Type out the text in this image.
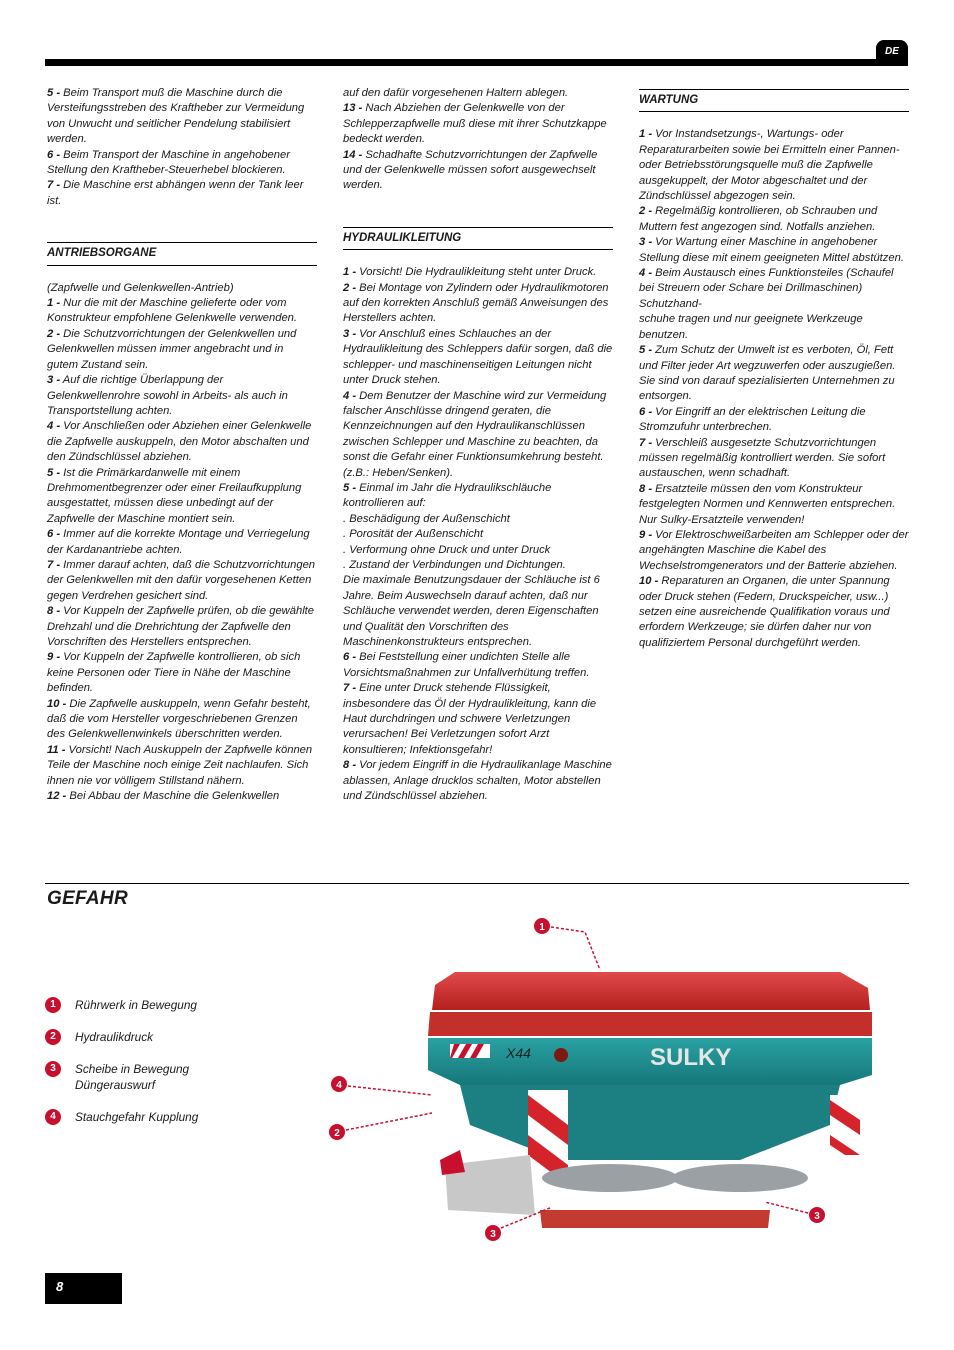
DE

5 - Beim Transport muß die Maschine durch die Versteifungsstreben des Kraftheber zur Vermeidung von Unwucht und seitlicher Pendelung stabilisiert werden.

6 - Beim Transport der Maschine in angehobener Stellung den Kraftheber-Steuerhebel blockieren.

7 - Die Maschine erst abhängen wenn der Tank leer ist.

ANTRIEBSORGANE

(Zapfwelle und Gelenkwellen-Antrieb)

1 - Nur die mit der Maschine gelieferte oder vom Konstrukteur empfohlene Gelenkwelle verwenden.

2 - Die Schutzvorrichtungen der Gelenkwellen und Gelenkwellen müssen immer angebracht und in gutem Zustand sein.

3 - Auf die richtige Überlappung der Gelenkwellenrohre sowohl in Arbeits- als auch in Transportstellung achten.

4 - Vor Anschließen oder Abziehen einer Gelenkwelle die Zapfwelle auskuppeln, den Motor abschalten und den Zündschlüssel abziehen.

5 - Ist die Primärkardanwelle mit einem Drehmomentbegrenzer oder einer Freilaufkupplung ausgestattet, müssen diese unbedingt auf der Zapfwelle der Maschine montiert sein.

6 - Immer auf die korrekte Montage und Verriegelung der Kardanantriebe achten.

7 - Immer darauf achten, daß die Schutzvorrichtungen der Gelenkwellen mit den dafür vorgesehenen Ketten gegen Verdrehen gesichert sind.

8 - Vor Kuppeln der Zapfwelle prüfen, ob die gewählte Drehzahl und die Drehrichtung der Zapfwelle den Vorschriften des Herstellers entsprechen.

9 - Vor Kuppeln der Zapfwelle kontrollieren, ob sich keine Personen oder Tiere in Nähe der Maschine befinden.

10 - Die Zapfwelle auskuppeln, wenn Gefahr besteht, daß die vom Hersteller vorgeschriebenen Grenzen des Gelenkwellenwinkels überschritten werden.

11 - Vorsicht! Nach Auskuppeln der Zapfwelle können Teile der Maschine noch einige Zeit nachlaufen. Sich ihnen nie vor völligem Stillstand nähern.

12 - Bei Abbau der Maschine die Gelenkwellen

auf den dafür vorgesehenen Haltern ablegen.

13 - Nach Abziehen der Gelenkwelle von der Schlepperzapfwelle muß diese mit ihrer Schutzkappe bedeckt werden.

14 - Schadhafte Schutzvorrichtungen der Zapfwelle und der Gelenkwelle müssen sofort ausgewechselt werden.

HYDRAULIKLEITUNG

1 - Vorsicht! Die Hydraulikleitung steht unter Druck.

2 - Bei Montage von Zylindern oder Hydraulikmotoren auf den korrekten Anschluß gemäß Anweisungen des Herstellers achten.

3 - Vor Anschluß eines Schlauches an der Hydraulikleitung des Schleppers dafür sorgen, daß die schlepper- und maschinenseitigen Leitungen nicht unter Druck stehen.

4 - Dem Benutzer der Maschine wird zur Vermeidung falscher Anschlüsse dringend geraten, die Kennzeichnungen auf den Hydraulikanschlüssen zwischen Schlepper und Maschine zu beachten, da sonst die Gefahr einer Funktionsumkehrung besteht. (z.B.: Heben/Senken).

5 - Einmal im Jahr die Hydraulikschläuche kontrollieren auf:

. Beschädigung der Außenschicht

. Porosität der Außenschicht

. Verformung ohne Druck und unter Druck

. Zustand der Verbindungen und Dichtungen.

Die maximale Benutzungsdauer der Schläuche ist 6 Jahre. Beim Auswechseln darauf achten, daß nur Schläuche verwendet werden, deren Eigenschaften und Qualität den Vorschriften des Maschinenkonstrukteurs entsprechen.

6 - Bei Feststellung einer undichten Stelle alle Vorsichtsmaßnahmen zur Unfallverhütung treffen.

7 - Eine unter Druck stehende Flüssigkeit, insbesondere das Öl der Hydraulikleitung, kann die Haut durchdringen und schwere Verletzungen verursachen! Bei Verletzungen sofort Arzt konsultieren; Infektionsgefahr!

8 - Vor jedem Eingriff in die Hydraulikanlage Maschine ablassen, Anlage drucklos schalten, Motor abstellen und Zündschlüssel abziehen.

WARTUNG

1 - Vor Instandsetzungs-, Wartungs- oder Reparaturarbeiten sowie bei Ermitteln einer Pannen- oder Betriebsstörungsquelle muß die Zapfwelle ausgekuppelt, der Motor abgeschaltet und der Zündschlüssel abgezogen sein.

2 - Regelmäßig kontrollieren, ob Schrauben und Muttern fest angezogen sind. Notfalls anziehen.

3 - Vor Wartung einer Maschine in angehobener Stellung diese mit einem geeigneten Mittel abstützen.

4 - Beim Austausch eines Funktionsteiles (Schaufel bei Streuern oder Schare bei Drillmaschinen) Schutzhand-

schuhe tragen und nur geeignete Werkzeuge benutzen.

5 - Zum Schutz der Umwelt ist es verboten, Öl, Fett und Filter jeder Art wegzuwerfen oder auszugießen. Sie sind von darauf spezialisierten Unternehmen zu entsorgen.

6 - Vor Eingriff an der elektrischen Leitung die Stromzufuhr unterbrechen.

7 - Verschleiß ausgesetzte Schutzvorrichtungen müssen regelmäßig kontrolliert werden. Sie sofort austauschen, wenn schadhaft.

8 - Ersatzteile müssen den vom Konstrukteur festgelegten Normen und Kennwerten entsprechen. Nur Sulky-Ersatzteile verwenden!

9 - Vor Elektroschweißarbeiten am Schlepper oder der angehängten Maschine die Kabel des Wechselstromgenerators und der Batterie abziehen.

10 - Reparaturen an Organen, die unter Spannung oder Druck stehen (Federn, Druckspeicher, usw...) setzen eine ausreichende Qualifikation voraus und erfordern Werkzeuge; sie dürfen daher nur von qualifiziertem Personal durchgeführt werden.

GEFAHR
1	Rührwerk in Bewegung
2	Hydraulikdruck
3	Scheibe in Bewegung
Düngerauswurf
4	Stauchgefahr Kupplung
SULKY
X44
1
4
2
3
3
8
